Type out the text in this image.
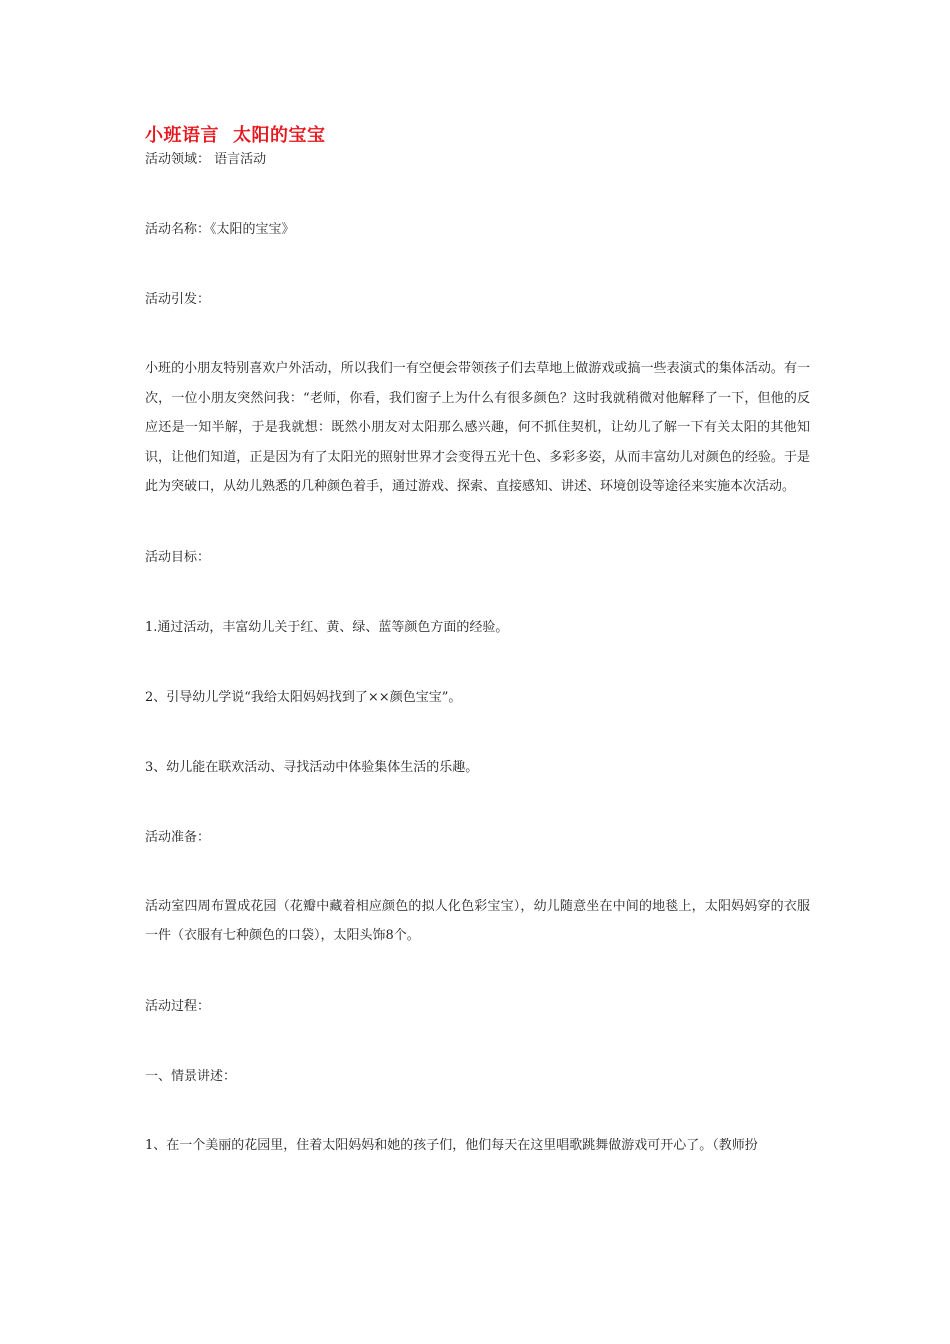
小班语言 太阳的宝宝

活动领域： 语言活动

活动名称：《太阳的宝宝》

活动引发：

小班的小朋友特别喜欢户外活动，所以我们一有空便会带领孩子们去草地上做游戏或搞一些表演式的集体活动。有一次，一位小朋友突然问我：“老师，你看，我们窗子上为什么有很多颜色？这时我就稍微对他解释了一下，但他的反应还是一知半解，于是我就想：既然小朋友对太阳那么感兴趣，何不抓住契机，让幼儿了解一下有关太阳的其他知识，让他们知道，正是因为有了太阳光的照射世界才会变得五光十色、多彩多姿，从而丰富幼儿对颜色的经验。于是此为突破口，从幼儿熟悉的几种颜色着手，通过游戏、探索、直接感知、讲述、环境创设等途径来实施本次活动。

活动目标：

1.通过活动，丰富幼儿关于红、黄、绿、蓝等颜色方面的经验。

2、引导幼儿学说“我给太阳妈妈找到了××颜色宝宝”。

3、幼儿能在联欢活动、寻找活动中体验集体生活的乐趣。

活动准备：

活动室四周布置成花园（花瓣中藏着相应颜色的拟人化色彩宝宝），幼儿随意坐在中间的地毯上，太阳妈妈穿的衣服一件（衣服有七种颜色的口袋），太阳头饰8个。

活动过程：

一、情景讲述：

1、在一个美丽的花园里，住着太阳妈妈和她的孩子们，他们每天在这里唱歌跳舞做游戏可开心了。（教师扮
